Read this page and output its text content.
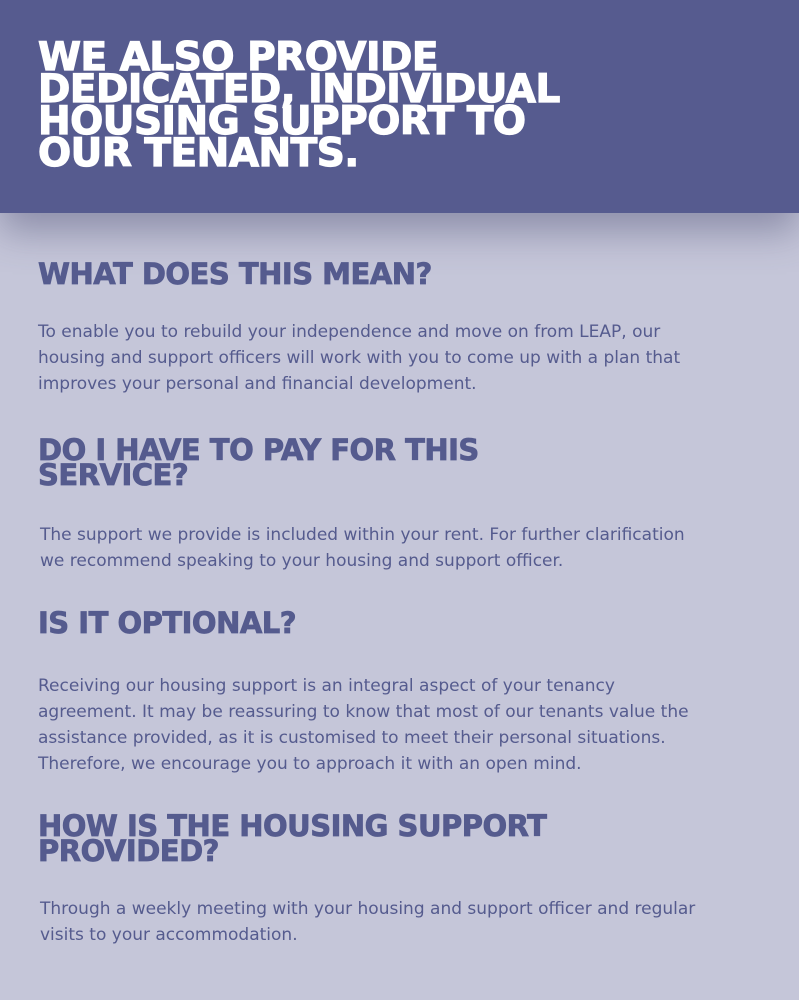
WE ALSO PROVIDE
DEDICATED, INDIVIDUAL
HOUSING SUPPORT TO
OUR TENANTS.
WHAT DOES THIS MEAN?

To enable you to rebuild your independence and move on from LEAP, our
housing and support officers will work with you to come up with a plan that
improves your personal and financial development.

DO I HAVE TO PAY FOR THIS
SERVICE?

The support we provide is included within your rent. For further clarification
we recommend speaking to your housing and support officer.

IS IT OPTIONAL?

Receiving our housing support is an integral aspect of your tenancy
agreement. It may be reassuring to know that most of our tenants value the
assistance provided, as it is customised to meet their personal situations.
Therefore, we encourage you to approach it with an open mind.

HOW IS THE HOUSING SUPPORT
PROVIDED?

Through a weekly meeting with your housing and support officer and regular
visits to your accommodation.
